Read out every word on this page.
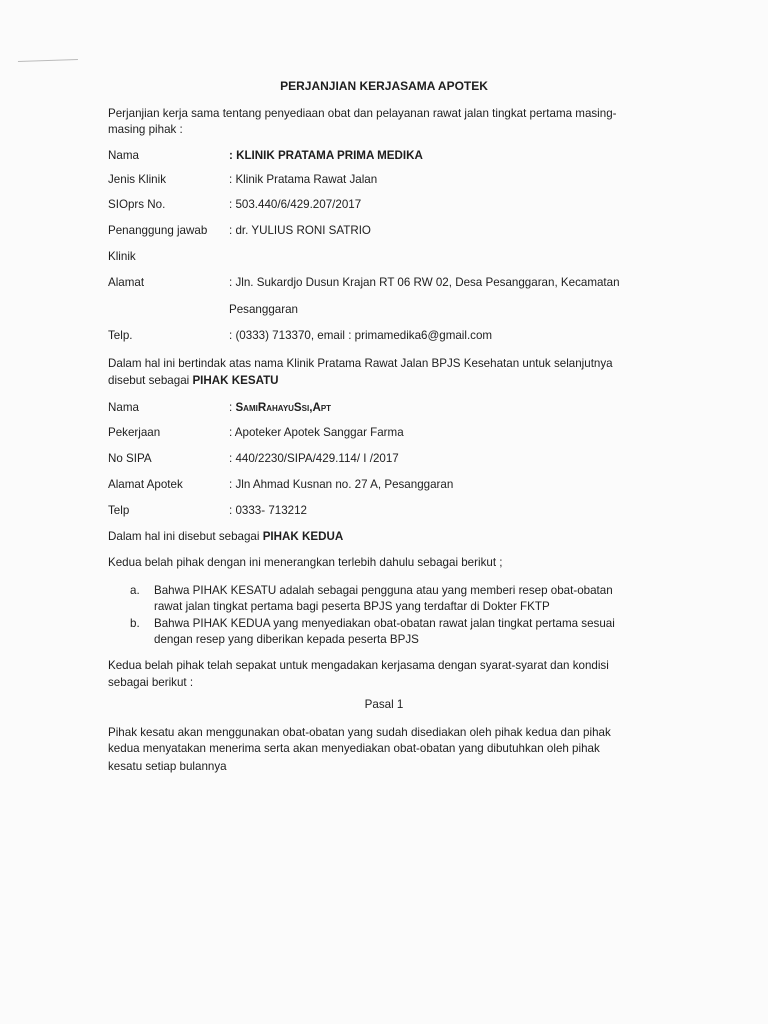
PERJANJIAN KERJASAMA APOTEK
Perjanjian kerja sama tentang penyediaan obat dan pelayanan rawat jalan tingkat pertama masing-
masing pihak :
Nama	: KLINIK PRATAMA PRIMA MEDIKA
Jenis Klinik	: Klinik Pratama Rawat Jalan
SIOprs No.	: 503.440/6/429.207/2017
Penanggung jawab : dr. YULIUS RONI SATRIO
Klinik
Alamat	: Jln. Sukardjo Dusun Krajan RT 06 RW 02, Desa Pesanggaran, Kecamatan
Pesanggaran
Telp.	: (0333) 713370, email : primamedika6@gmail.com
Dalam hal ini bertindak atas nama Klinik Pratama Rawat Jalan BPJS Kesehatan untuk selanjutnya
disebut sebagai PIHAK KESATU
Nama	: SamiRahayuSsi,Apt
Pekerjaan	: Apoteker Apotek Sanggar Farma
No SIPA	: 440/2230/SIPA/429.114/ I /2017
Alamat Apotek	: Jln Ahmad Kusnan no. 27 A, Pesanggaran
Telp	: 0333- 713212
Dalam hal ini disebut sebagai PIHAK KEDUA
Kedua belah pihak dengan ini menerangkan terlebih dahulu sebagai berikut ;
a. Bahwa PIHAK KESATU adalah sebagai pengguna atau yang memberi resep obat-obatan
rawat jalan tingkat pertama bagi peserta BPJS yang terdaftar di Dokter FKTP
b. Bahwa PIHAK KEDUA yang menyediakan obat-obatan rawat jalan tingkat pertama sesuai
dengan resep yang diberikan kepada peserta BPJS
Kedua belah pihak telah sepakat untuk mengadakan kerjasama dengan syarat-syarat dan kondisi
sebagai berikut :
Pasal 1
Pihak kesatu akan menggunakan obat-obatan yang sudah disediakan oleh pihak kedua dan pihak
kedua menyatakan menerima serta akan menyediakan obat-obatan yang dibutuhkan oleh pihak
kesatu setiap bulannya
